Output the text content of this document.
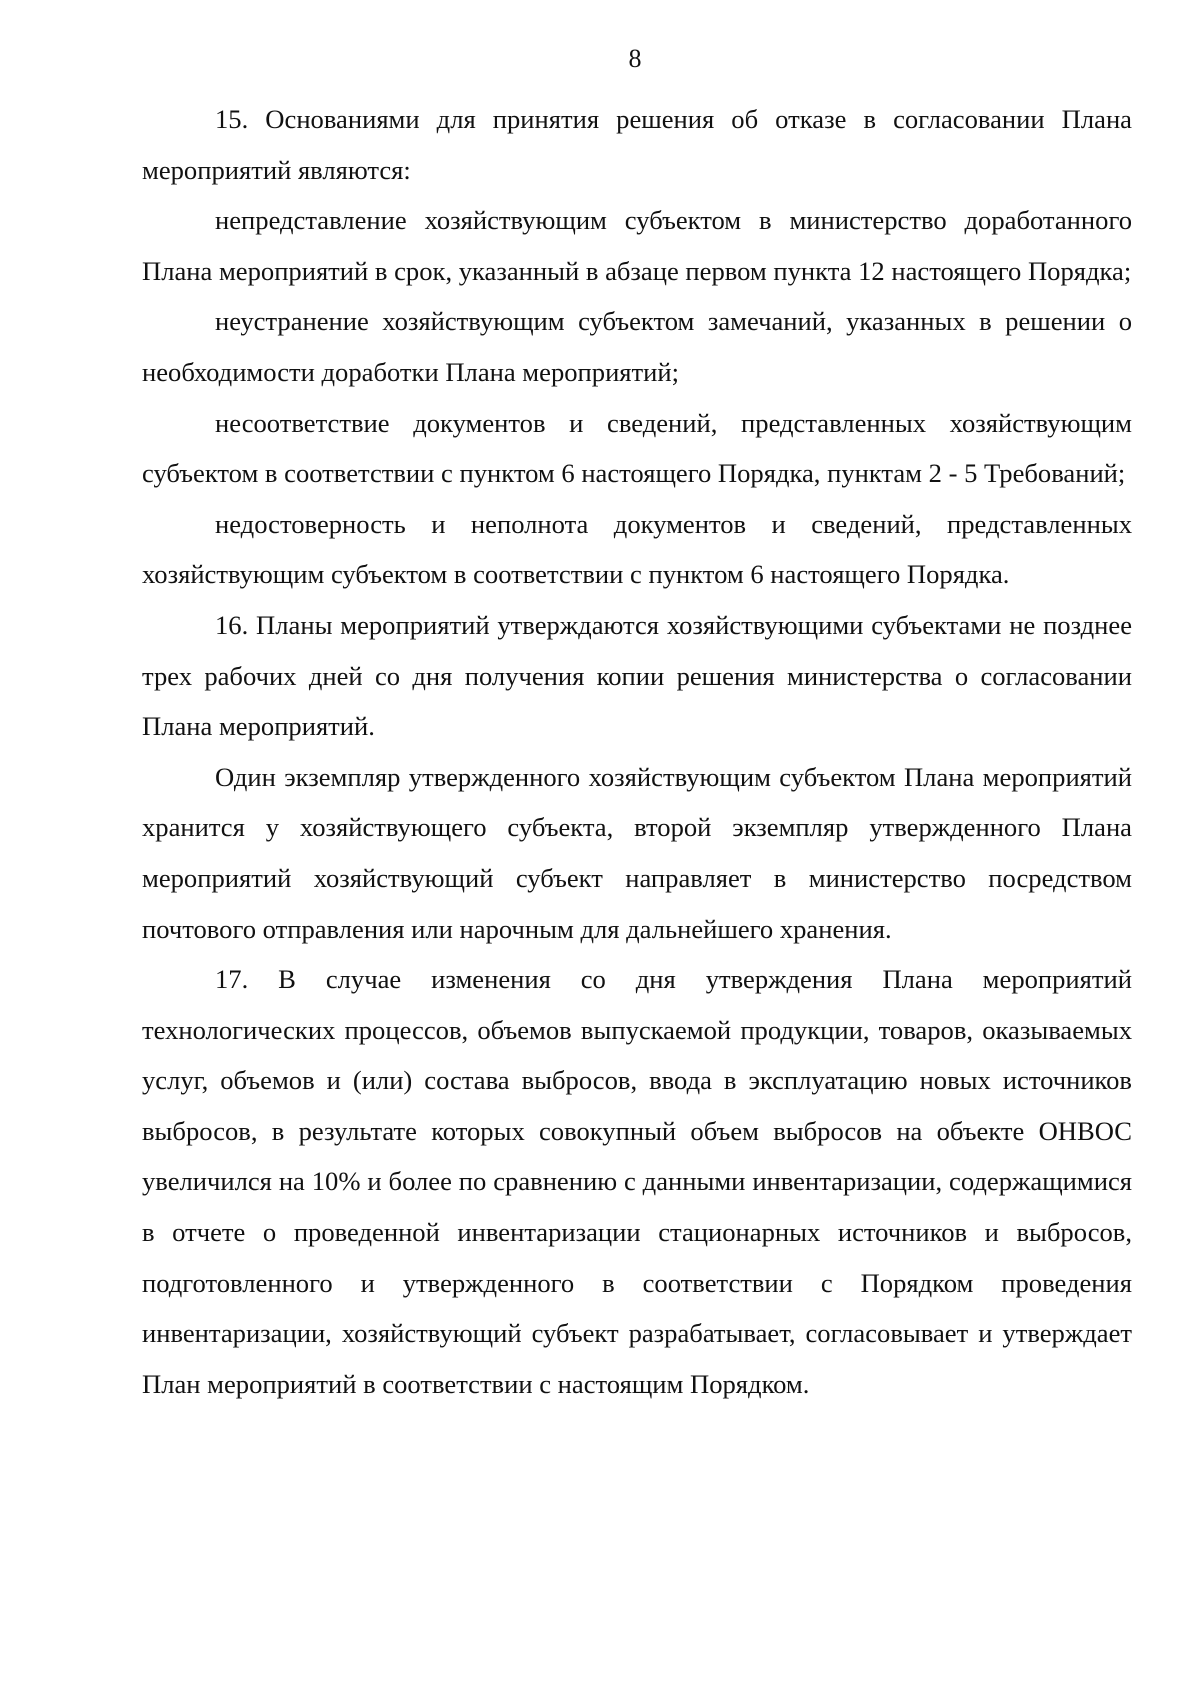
8

15. Основаниями для принятия решения об отказе в согласовании Плана мероприятий являются:

непредставление хозяйствующим субъектом в министерство доработанного Плана мероприятий в срок, указанный в абзаце первом пункта 12 настоящего Порядка;

неустранение хозяйствующим субъектом замечаний, указанных в решении о необходимости доработки Плана мероприятий;

несоответствие документов и сведений, представленных хозяйствующим субъектом в соответствии с пунктом 6 настоящего Порядка, пунктам 2 - 5 Требований;

недостоверность и неполнота документов и сведений, представленных хозяйствующим субъектом в соответствии с пунктом 6 настоящего Порядка.

16. Планы мероприятий утверждаются хозяйствующими субъектами не позднее трех рабочих дней со дня получения копии решения министерства о согласовании Плана мероприятий.

Один экземпляр утвержденного хозяйствующим субъектом Плана мероприятий хранится у хозяйствующего субъекта, второй экземпляр утвержденного Плана мероприятий хозяйствующий субъект направляет в министерство посредством почтового отправления или нарочным для дальнейшего хранения.

17. В случае изменения со дня утверждения Плана мероприятий технологических процессов, объемов выпускаемой продукции, товаров, оказываемых услуг, объемов и (или) состава выбросов, ввода в эксплуатацию новых источников выбросов, в результате которых совокупный объем выбросов на объекте ОНВОС увеличился на 10% и более по сравнению с данными инвентаризации, содержащимися в отчете о проведенной инвентаризации стационарных источников и выбросов, подготовленного и утвержденного в соответствии с Порядком проведения инвентаризации, хозяйствующий субъект разрабатывает, согласовывает и утверждает План мероприятий в соответствии с настоящим Порядком.
